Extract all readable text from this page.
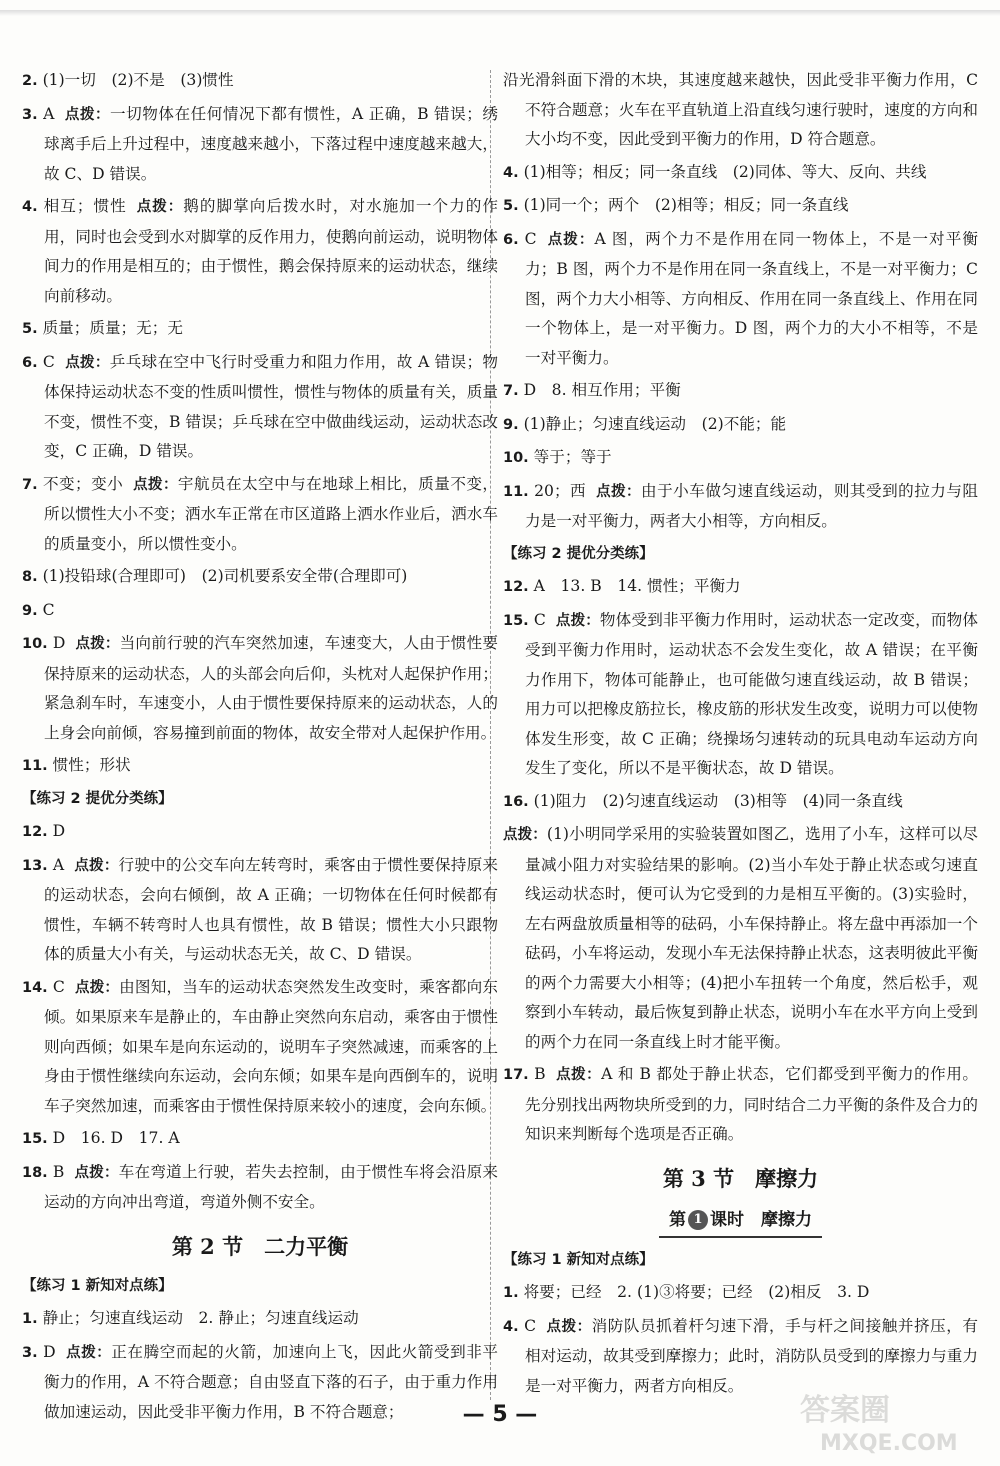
2. (1)一切　(2)不是　(3)惯性
3. A 点拨：一切物体在任何情况下都有惯性，A 正确，B 错误；绣球离手后上升过程中，速度越来越小，下落过程中速度越来越大，故 C、D 错误。
4. 相互；惯性 点拨：鹅的脚掌向后拨水时，对水施加一个力的作用，同时也会受到水对脚掌的反作用力，使鹅向前运动，说明物体间力的作用是相互的；由于惯性，鹅会保持原来的运动状态，继续向前移动。
5. 质量；质量；无；无
6. C 点拨：乒乓球在空中飞行时受重力和阻力作用，故 A 错误；物体保持运动状态不变的性质叫惯性，惯性与物体的质量有关，质量不变，惯性不变，B 错误；乒乓球在空中做曲线运动，运动状态改变，C 正确，D 错误。
7. 不变；变小 点拨：宇航员在太空中与在地球上相比，质量不变，所以惯性大小不变；洒水车正常在市区道路上洒水作业后，洒水车的质量变小，所以惯性变小。
8. (1)投铅球(合理即可)　(2)司机要系安全带(合理即可)
9. C
10. D 点拨：当向前行驶的汽车突然加速，车速变大，人由于惯性要保持原来的运动状态，人的头部会向后仰，头枕对人起保护作用；紧急刹车时，车速变小，人由于惯性要保持原来的运动状态，人的上身会向前倾，容易撞到前面的物体，故安全带对人起保护作用。
11. 惯性；形状
【练习 2 提优分类练】
12. D
13. A 点拨：行驶中的公交车向左转弯时，乘客由于惯性要保持原来的运动状态，会向右倾倒，故 A 正确；一切物体在任何时候都有惯性，车辆不转弯时人也具有惯性，故 B 错误；惯性大小只跟物体的质量大小有关，与运动状态无关，故 C、D 错误。
14. C 点拨：由图知，当车的运动状态突然发生改变时，乘客都向东倾。如果原来车是静止的，车由静止突然向东启动，乘客由于惯性则向西倾；如果车是向东运动的，说明车子突然减速，而乘客的上身由于惯性继续向东运动，会向东倾；如果车是向西倒车的，说明车子突然加速，而乘客由于惯性保持原来较小的速度，会向东倾。
15. D　16. D　17. A
18. B 点拨：车在弯道上行驶，若失去控制，由于惯性车将会沿原来运动的方向冲出弯道，弯道外侧不安全。
第 2 节　二力平衡
【练习 1 新知对点练】
1. 静止；匀速直线运动　2. 静止；匀速直线运动
3. D 点拨：正在腾空而起的火箭，加速向上飞，因此火箭受到非平衡力的作用，A 不符合题意；自由竖直下落的石子，由于重力作用做加速运动，因此受非平衡力作用，B 不符合题意；
沿光滑斜面下滑的木块，其速度越来越快，因此受非平衡力作用，C 不符合题意；火车在平直轨道上沿直线匀速行驶时，速度的方向和大小均不变，因此受到平衡力的作用，D 符合题意。
4. (1)相等；相反；同一条直线　(2)同体、等大、反向、共线
5. (1)同一个；两个　(2)相等；相反；同一条直线
6. C 点拨：A 图，两个力不是作用在同一物体上，不是一对平衡力；B 图，两个力不是作用在同一条直线上，不是一对平衡力；C 图，两个力大小相等、方向相反、作用在同一条直线上、作用在同一个物体上，是一对平衡力。D 图，两个力的大小不相等，不是一对平衡力。
7. D　8. 相互作用；平衡
9. (1)静止；匀速直线运动　(2)不能；能
10. 等于；等于
11. 20；西 点拨：由于小车做匀速直线运动，则其受到的拉力与阻力是一对平衡力，两者大小相等，方向相反。
【练习 2 提优分类练】
12. A　13. B　14. 惯性；平衡力
15. C 点拨：物体受到非平衡力作用时，运动状态一定改变，而物体受到平衡力作用时，运动状态不会发生变化，故 A 错误；在平衡力作用下，物体可能静止，也可能做匀速直线运动，故 B 错误；用力可以把橡皮筋拉长，橡皮筋的形状发生改变，说明力可以使物体发生形变，故 C 正确；绕操场匀速转动的玩具电动车运动方向发生了变化，所以不是平衡状态，故 D 错误。
16. (1)阻力　(2)匀速直线运动　(3)相等　(4)同一条直线
点拨：(1)小明同学采用的实验装置如图乙，选用了小车，这样可以尽量减小阻力对实验结果的影响。(2)当小车处于静止状态或匀速直线运动状态时，便可认为它受到的力是相互平衡的。(3)实验时，左右两盘放质量相等的砝码，小车保持静止。将左盘中再添加一个砝码，小车将运动，发现小车无法保持静止状态，这表明彼此平衡的两个力需要大小相等；(4)把小车扭转一个角度，然后松手，观察到小车转动，最后恢复到静止状态，说明小车在水平方向上受到的两个力在同一条直线上时才能平衡。
17. B 点拨：A 和 B 都处于静止状态，它们都受到平衡力的作用。先分别找出两物块所受到的力，同时结合二力平衡的条件及合力的知识来判断每个选项是否正确。
第 3 节　摩擦力
第 1 课时　摩擦力
【练习 1 新知对点练】
1. 将要；已经　2. (1)③将要；已经　(2)相反　3. D
4. C 点拨：消防队员抓着杆匀速下滑，手与杆之间接触并挤压，有相对运动，故其受到摩擦力；此时，消防队员受到的摩擦力与重力是一对平衡力，两者方向相反。
— 5 —	答案圈
MXQE.COM
